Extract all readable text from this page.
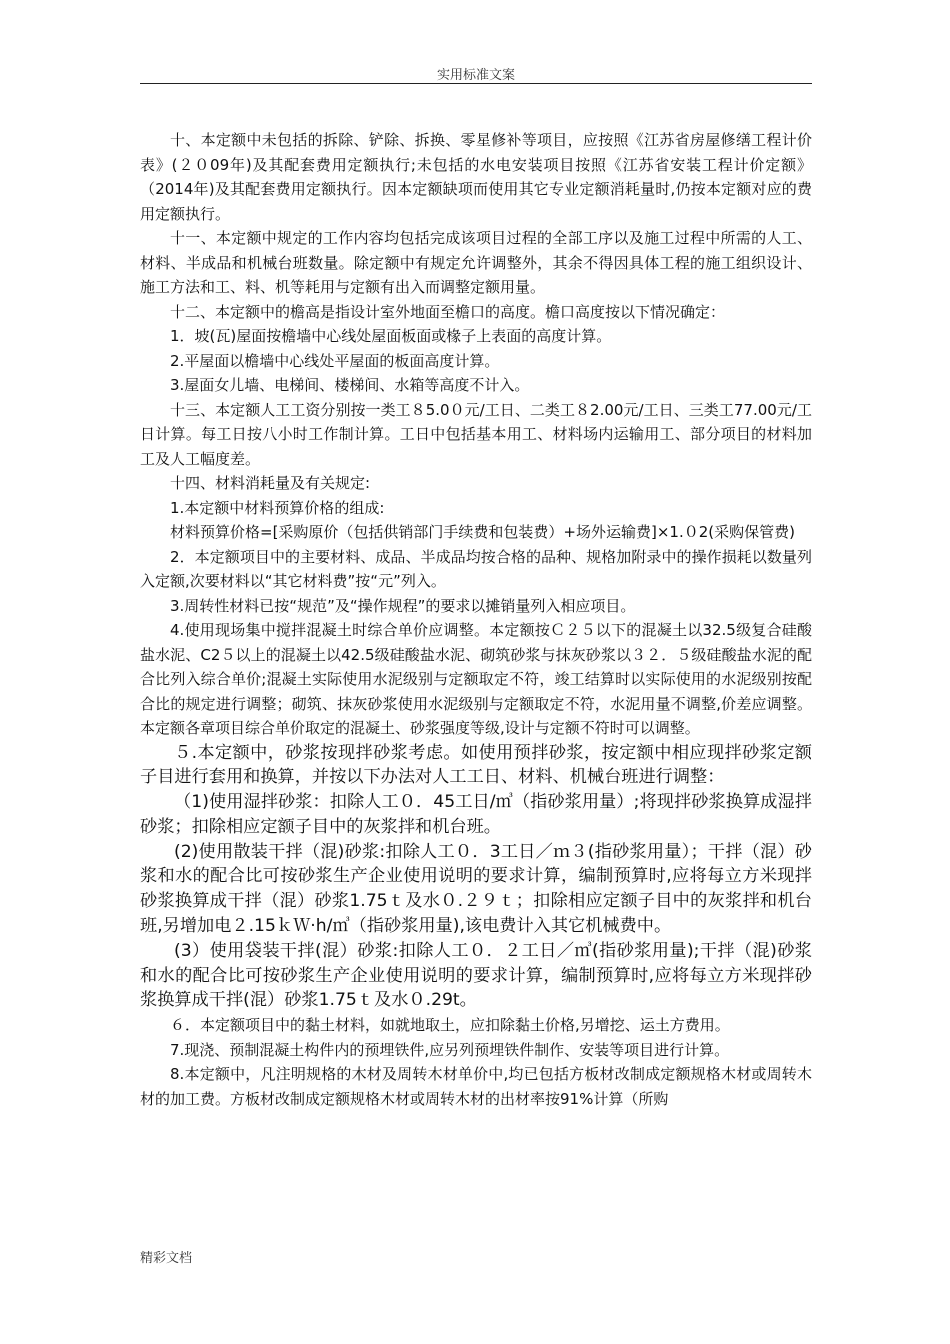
实用标准文案

十、本定额中未包括的拆除、铲除、拆换、零星修补等项目，应按照《江苏省房屋修缮工程计价表》(２０09年)及其配套费用定额执行;未包括的水电安装项目按照《江苏省安装工程计价定额》（2014年)及其配套费用定额执行。因本定额缺项而使用其它专业定额消耗量时,仍按本定额对应的费用定额执行。

十一、本定额中规定的工作内容均包括完成该项目过程的全部工序以及施工过程中所需的人工、材料、半成品和机械台班数量。除定额中有规定允许调整外，其余不得因具体工程的施工组织设计、施工方法和工、料、机等耗用与定额有出入而调整定额用量。

十二、本定额中的檐高是指设计室外地面至檐口的高度。檐口高度按以下情况确定：

1．坡(瓦)屋面按檐墙中心线处屋面板面或椽子上表面的高度计算。

2.平屋面以檐墙中心线处平屋面的板面高度计算。

3.屋面女儿墙、电梯间、楼梯间、水箱等高度不计入。

十三、本定额人工工资分别按一类工８5.0０元/工日、二类工８2.00元/工日、三类工77.00元/工日计算。每工日按八小时工作制计算。工日中包括基本用工、材料场内运输用工、部分项目的材料加工及人工幅度差。

十四、材料消耗量及有关规定:

1.本定额中材料预算价格的组成:

材料预算价格=[采购原价（包括供销部门手续费和包装费）+场外运输费]×1.０2(采购保管费)

2．本定额项目中的主要材料、成品、半成品均按合格的品种、规格加附录中的操作损耗以数量列入定额,次要材料以“其它材料费”按“元”列入。

3.周转性材料已按“规范”及“操作规程”的要求以摊销量列入相应项目。

4.使用现场集中搅拌混凝土时综合单价应调整。本定额按Ｃ２５以下的混凝土以32.5级复合硅酸盐水泥、C2５以上的混凝土以42.5级硅酸盐水泥、砌筑砂浆与抹灰砂浆以３２．５级硅酸盐水泥的配合比列入综合单价;混凝土实际使用水泥级别与定额取定不符，竣工结算时以实际使用的水泥级别按配合比的规定进行调整；砌筑、抹灰砂浆使用水泥级别与定额取定不符，水泥用量不调整,价差应调整。本定额各章项目综合单价取定的混凝土、砂浆强度等级,设计与定额不符时可以调整。

５.本定额中，砂浆按现拌砂浆考虑。如使用预拌砂浆，按定额中相应现拌砂浆定额子目进行套用和换算，并按以下办法对人工工日、材料、机械台班进行调整：

（1)使用湿拌砂浆：扣除人工０．45工日/㎥（指砂浆用量）;将现拌砂浆换算成湿拌砂浆；扣除相应定额子目中的灰浆拌和机台班。

(2)使用散装干拌（混)砂浆:扣除人工０．3工日／ｍ３(指砂浆用量）；干拌（混）砂浆和水的配合比可按砂浆生产企业使用说明的要求计算，编制预算时,应将每立方米现拌砂浆换算成干拌（混）砂浆1.75ｔ及水０.２９ｔ；扣除相应定额子目中的灰浆拌和机台班,另增加电２.15ｋＷ·h/㎥（指砂浆用量),该电费计入其它机械费中。

(3）使用袋装干拌(混）砂浆:扣除人工０．２工日／㎥(指砂浆用量);干拌（混)砂浆和水的配合比可按砂浆生产企业使用说明的要求计算，编制预算时,应将每立方米现拌砂浆换算成干拌(混）砂浆1.75ｔ及水０.29t。

６．本定额项目中的黏土材料，如就地取土，应扣除黏土价格,另增挖、运土方费用。

7.现浇、预制混凝土构件内的预埋铁件,应另列预埋铁件制作、安装等项目进行计算。

8.本定额中，凡注明规格的木材及周转木材单价中,均已包括方板材改制成定额规格木材或周转木材的加工费。方板材改制成定额规格木材或周转木材的出材率按91%计算（所购

精彩文档
